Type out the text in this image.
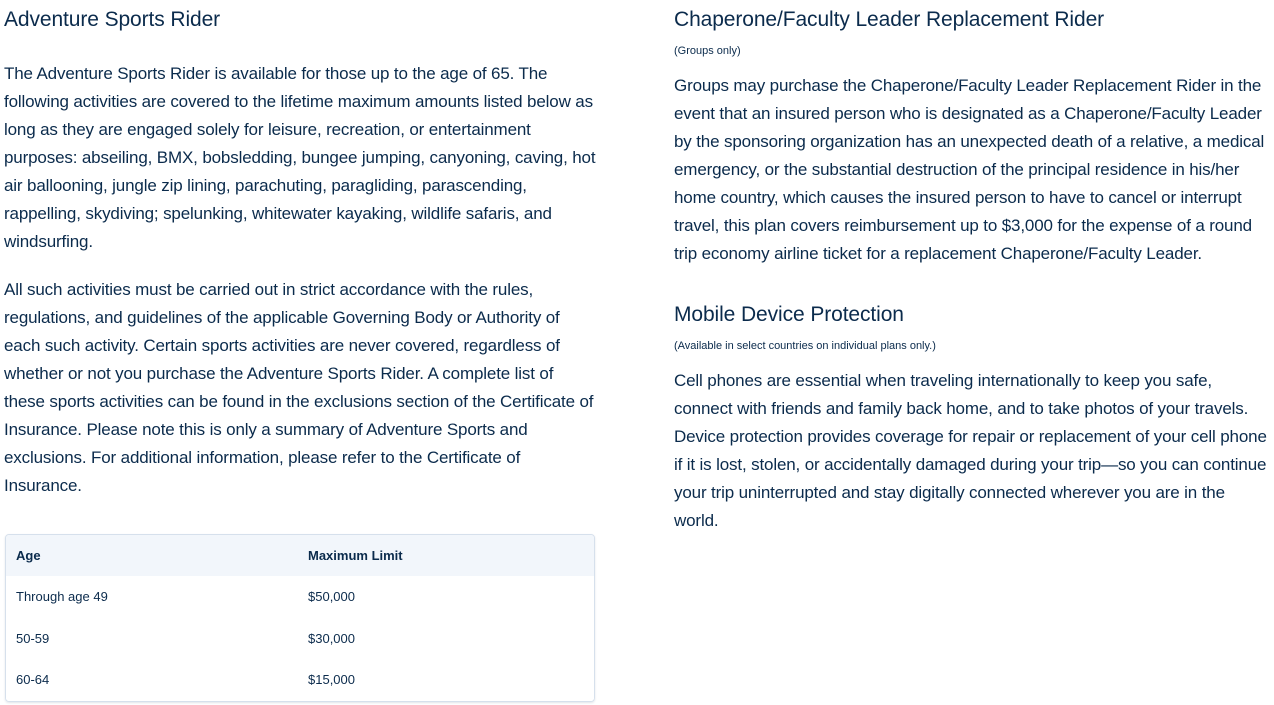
Adventure Sports Rider

The Adventure Sports Rider is available for those up to the age of 65. The following activities are covered to the lifetime maximum amounts listed below as long as they are engaged solely for leisure, recreation, or entertainment purposes: abseiling, BMX, bobsledding, bungee jumping, canyoning, caving, hot air ballooning, jungle zip lining, parachuting, paragliding, parascending, rappelling, skydiving; spelunking, whitewater kayaking, wildlife safaris, and windsurfing.

All such activities must be carried out in strict accordance with the rules, regulations, and guidelines of the applicable Governing Body or Authority of each such activity. Certain sports activities are never covered, regardless of whether or not you purchase the Adventure Sports Rider. A complete list of these sports activities can be found in the exclusions section of the Certificate of Insurance. Please note this is only a summary of Adventure Sports and exclusions. For additional information, please refer to the Certificate of Insurance.

Age	Maximum Limit
Through age 49	$50,000
50-59	$30,000
60-64	$15,000
Chaperone/Faculty Leader Replacement Rider
(Groups only)

Groups may purchase the Chaperone/Faculty Leader Replacement Rider in the event that an insured person who is designated as a Chaperone/Faculty Leader by the sponsoring organization has an unexpected death of a relative, a medical emergency, or the substantial destruction of the principal residence in his/her home country, which causes the insured person to have to cancel or interrupt travel, this plan covers reimbursement up to $3,000 for the expense of a round trip economy airline ticket for a replacement Chaperone/Faculty Leader.

Mobile Device Protection
(Available in select countries on individual plans only.)

Cell phones are essential when traveling internationally to keep you safe, connect with friends and family back home, and to take photos of your travels. Device protection provides coverage for repair or replacement of your cell phone if it is lost, stolen, or accidentally damaged during your trip—so you can continue your trip uninterrupted and stay digitally connected wherever you are in the world.
